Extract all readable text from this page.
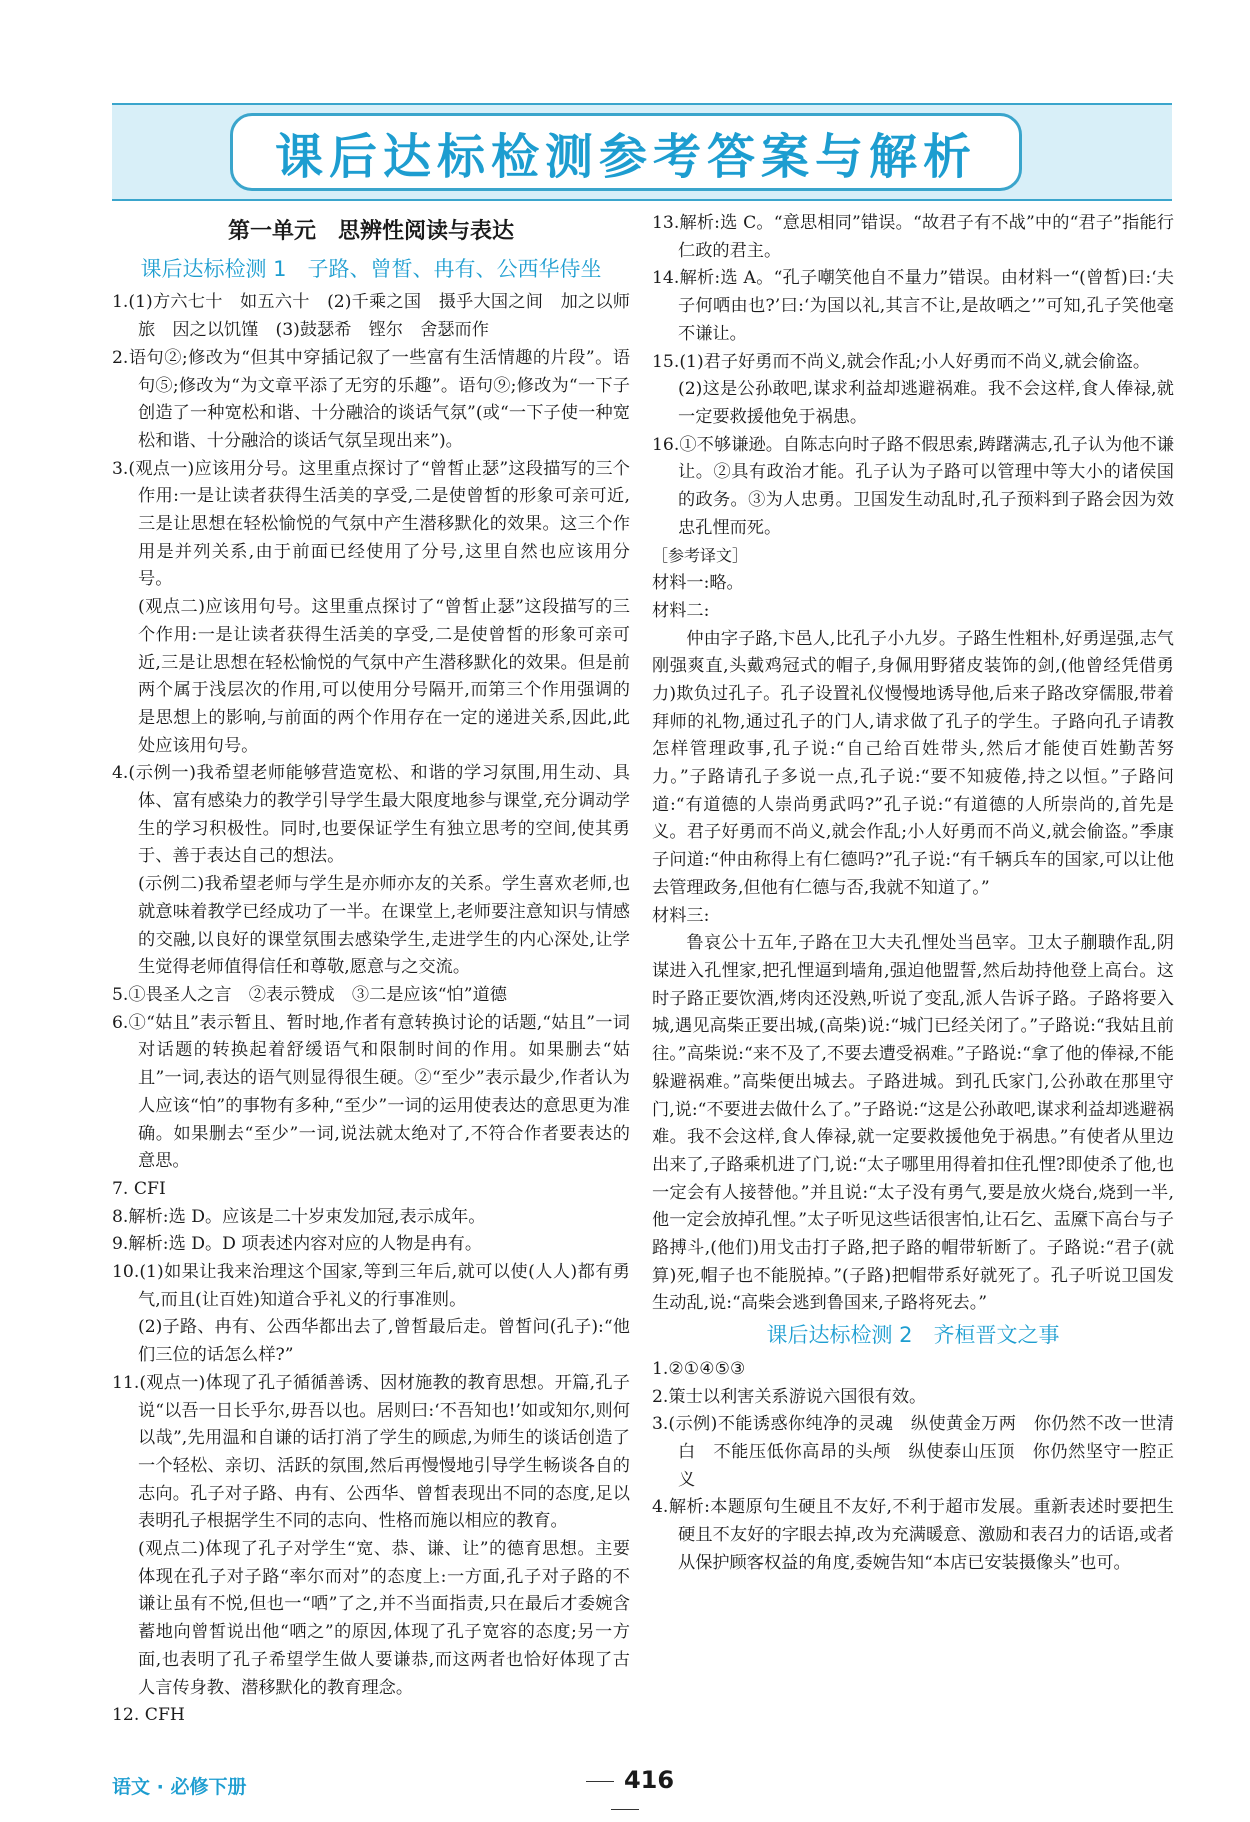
课后达标检测参考答案与解析

第一单元　思辨性阅读与表达

课后达标检测 1　子路、曾皙、冉有、公西华侍坐

1.(1)方六七十　如五六十　(2)千乘之国　摄乎大国之间　加之以师旅　因之以饥馑　(3)鼓瑟希　铿尔　舍瑟而作

2.语句②;修改为“但其中穿插记叙了一些富有生活情趣的片段”。语句⑤;修改为“为文章平添了无穷的乐趣”。语句⑨;修改为“一下子创造了一种宽松和谐、十分融洽的谈话气氛”(或“一下子使一种宽松和谐、十分融洽的谈话气氛呈现出来”)。

3.(观点一)应该用分号。这里重点探讨了“曾皙止瑟”这段描写的三个作用:一是让读者获得生活美的享受,二是使曾皙的形象可亲可近,三是让思想在轻松愉悦的气氛中产生潜移默化的效果。这三个作用是并列关系,由于前面已经使用了分号,这里自然也应该用分号。

(观点二)应该用句号。这里重点探讨了“曾皙止瑟”这段描写的三个作用:一是让读者获得生活美的享受,二是使曾皙的形象可亲可近,三是让思想在轻松愉悦的气氛中产生潜移默化的效果。但是前两个属于浅层次的作用,可以使用分号隔开,而第三个作用强调的是思想上的影响,与前面的两个作用存在一定的递进关系,因此,此处应该用句号。

4.(示例一)我希望老师能够营造宽松、和谐的学习氛围,用生动、具体、富有感染力的教学引导学生最大限度地参与课堂,充分调动学生的学习积极性。同时,也要保证学生有独立思考的空间,使其勇于、善于表达自己的想法。

(示例二)我希望老师与学生是亦师亦友的关系。学生喜欢老师,也就意味着教学已经成功了一半。在课堂上,老师要注意知识与情感的交融,以良好的课堂氛围去感染学生,走进学生的内心深处,让学生觉得老师值得信任和尊敬,愿意与之交流。

5.①畏圣人之言　②表示赞成　③二是应该“怕”道德

6.①“姑且”表示暂且、暂时地,作者有意转换讨论的话题,“姑且”一词对话题的转换起着舒缓语气和限制时间的作用。如果删去“姑且”一词,表达的语气则显得很生硬。②“至少”表示最少,作者认为人应该“怕”的事物有多种,“至少”一词的运用使表达的意思更为准确。如果删去“至少”一词,说法就太绝对了,不符合作者要表达的意思。

7. CFI

8.解析:选 D。应该是二十岁束发加冠,表示成年。

9.解析:选 D。D 项表述内容对应的人物是冉有。

10.(1)如果让我来治理这个国家,等到三年后,就可以使(人人)都有勇气,而且(让百姓)知道合乎礼义的行事准则。

(2)子路、冉有、公西华都出去了,曾皙最后走。曾皙问(孔子):“他们三位的话怎么样?”

11.(观点一)体现了孔子循循善诱、因材施教的教育思想。开篇,孔子说“以吾一日长乎尔,毋吾以也。居则曰:‘不吾知也!’如或知尔,则何以哉”,先用温和自谦的话打消了学生的顾虑,为师生的谈话创造了一个轻松、亲切、活跃的氛围,然后再慢慢地引导学生畅谈各自的志向。孔子对子路、冉有、公西华、曾皙表现出不同的态度,足以表明孔子根据学生不同的志向、性格而施以相应的教育。

(观点二)体现了孔子对学生“宽、恭、谦、让”的德育思想。主要体现在孔子对子路“率尔而对”的态度上:一方面,孔子对子路的不谦让虽有不悦,但也一“哂”了之,并不当面指责,只在最后才委婉含蓄地向曾皙说出他“哂之”的原因,体现了孔子宽容的态度;另一方面,也表明了孔子希望学生做人要谦恭,而这两者也恰好体现了古人言传身教、潜移默化的教育理念。

12. CFH

13.解析:选 C。“意思相同”错误。“故君子有不战”中的“君子”指能行仁政的君主。

14.解析:选 A。“孔子嘲笑他自不量力”错误。由材料一“(曾皙)曰:‘夫子何哂由也?’曰:‘为国以礼,其言不让,是故哂之’”可知,孔子笑他毫不谦让。

15.(1)君子好勇而不尚义,就会作乱;小人好勇而不尚义,就会偷盗。

(2)这是公孙敢吧,谋求利益却逃避祸难。我不会这样,食人俸禄,就一定要救援他免于祸患。

16.①不够谦逊。自陈志向时子路不假思索,踌躇满志,孔子认为他不谦让。②具有政治才能。孔子认为子路可以管理中等大小的诸侯国的政务。③为人忠勇。卫国发生动乱时,孔子预料到子路会因为效忠孔悝而死。

［参考译文］

材料一:略。

材料二:

仲由字子路,卞邑人,比孔子小九岁。子路生性粗朴,好勇逞强,志气刚强爽直,头戴鸡冠式的帽子,身佩用野猪皮装饰的剑,(他曾经凭借勇力)欺负过孔子。孔子设置礼仪慢慢地诱导他,后来子路改穿儒服,带着拜师的礼物,通过孔子的门人,请求做了孔子的学生。子路向孔子请教怎样管理政事,孔子说:“自己给百姓带头,然后才能使百姓勤苦努力。”子路请孔子多说一点,孔子说:“要不知疲倦,持之以恒。”子路问道:“有道德的人崇尚勇武吗?”孔子说:“有道德的人所崇尚的,首先是义。君子好勇而不尚义,就会作乱;小人好勇而不尚义,就会偷盗。”季康子问道:“仲由称得上有仁德吗?”孔子说:“有千辆兵车的国家,可以让他去管理政务,但他有仁德与否,我就不知道了。”

材料三:

鲁哀公十五年,子路在卫大夫孔悝处当邑宰。卫太子蒯聩作乱,阴谋进入孔悝家,把孔悝逼到墙角,强迫他盟誓,然后劫持他登上高台。这时子路正要饮酒,烤肉还没熟,听说了变乱,派人告诉子路。子路将要入城,遇见高柴正要出城,(高柴)说:“城门已经关闭了。”子路说:“我姑且前往。”高柴说:“来不及了,不要去遭受祸难。”子路说:“拿了他的俸禄,不能躲避祸难。”高柴便出城去。子路进城。到孔氏家门,公孙敢在那里守门,说:“不要进去做什么了。”子路说:“这是公孙敢吧,谋求利益却逃避祸难。我不会这样,食人俸禄,就一定要救援他免于祸患。”有使者从里边出来了,子路乘机进了门,说:“太子哪里用得着扣住孔悝?即使杀了他,也一定会有人接替他。”并且说:“太子没有勇气,要是放火烧台,烧到一半,他一定会放掉孔悝。”太子听见这些话很害怕,让石乞、盂黡下高台与子路搏斗,(他们)用戈击打子路,把子路的帽带斩断了。子路说:“君子(就算)死,帽子也不能脱掉。”(子路)把帽带系好就死了。孔子听说卫国发生动乱,说:“高柴会逃到鲁国来,子路将死去。”

课后达标检测 2　齐桓晋文之事

1.②①④⑤③

2.策士以利害关系游说六国很有效。

3.(示例)不能诱惑你纯净的灵魂　纵使黄金万两　你仍然不改一世清白　不能压低你高昂的头颅　纵使泰山压顶　你仍然坚守一腔正义

4.解析:本题原句生硬且不友好,不利于超市发展。重新表述时要把生硬且不友好的字眼去掉,改为充满暖意、激励和表召力的话语,或者从保护顾客权益的角度,委婉告知“本店已安装摄像头”也可。

语文 · 必修下册	416
